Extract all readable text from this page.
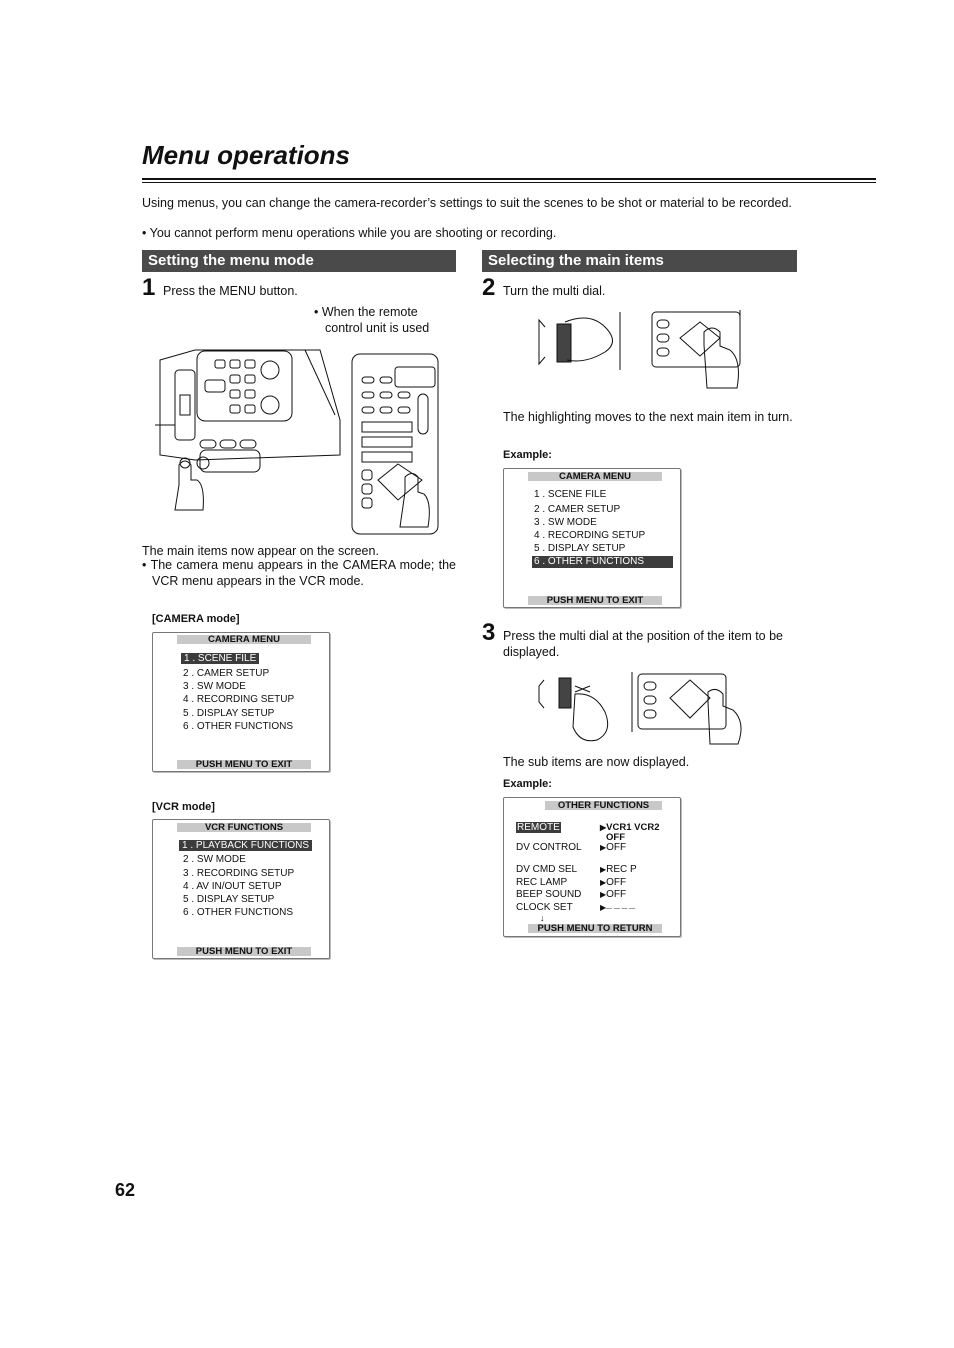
Menu operations
Using menus, you can change the camera-recorder’s settings to suit the scenes to be shot or material to be recorded.
• You cannot perform menu operations while you are shooting or recording.
Setting the menu mode
1 Press the MENU button.
• When the remote
control unit is used
The main items now appear on the screen.
• The camera menu appears in the CAMERA mode; the VCR menu appears in the VCR mode.
[CAMERA mode]
CAMERA MENU
1 . SCENE FILE
2 . CAMER SETUP
3 . SW MODE
4 . RECORDING SETUP
5 . DISPLAY SETUP
6 . OTHER FUNCTIONS
PUSH MENU TO EXIT
[VCR mode]
VCR FUNCTIONS
1 . PLAYBACK FUNCTIONS
2 . SW MODE
3 . RECORDING SETUP
4 . AV IN/OUT SETUP
5 . DISPLAY SETUP
6 . OTHER FUNCTIONS
PUSH MENU TO EXIT
Selecting the main items
2 Turn the multi dial.
The highlighting moves to the next main item in turn.
Example:
CAMERA MENU
1 . SCENE FILE
2 . CAMER SETUP
3 . SW MODE
4 . RECORDING SETUP
5 . DISPLAY SETUP
6 . OTHER FUNCTIONS
PUSH MENU TO EXIT
3 Press the multi dial at the position of the item to be displayed.
The sub items are now displayed.
Example:
OTHER FUNCTIONS
REMOTE	▶VCR1 VCR2
OFF
DV CONTROL ▶OFF
DV CMD SEL	▶REC P
REC LAMP	▶OFF
BEEP SOUND ▶OFF
CLOCK SET	▶— — — —
↓
PUSH MENU TO RETURN
62
